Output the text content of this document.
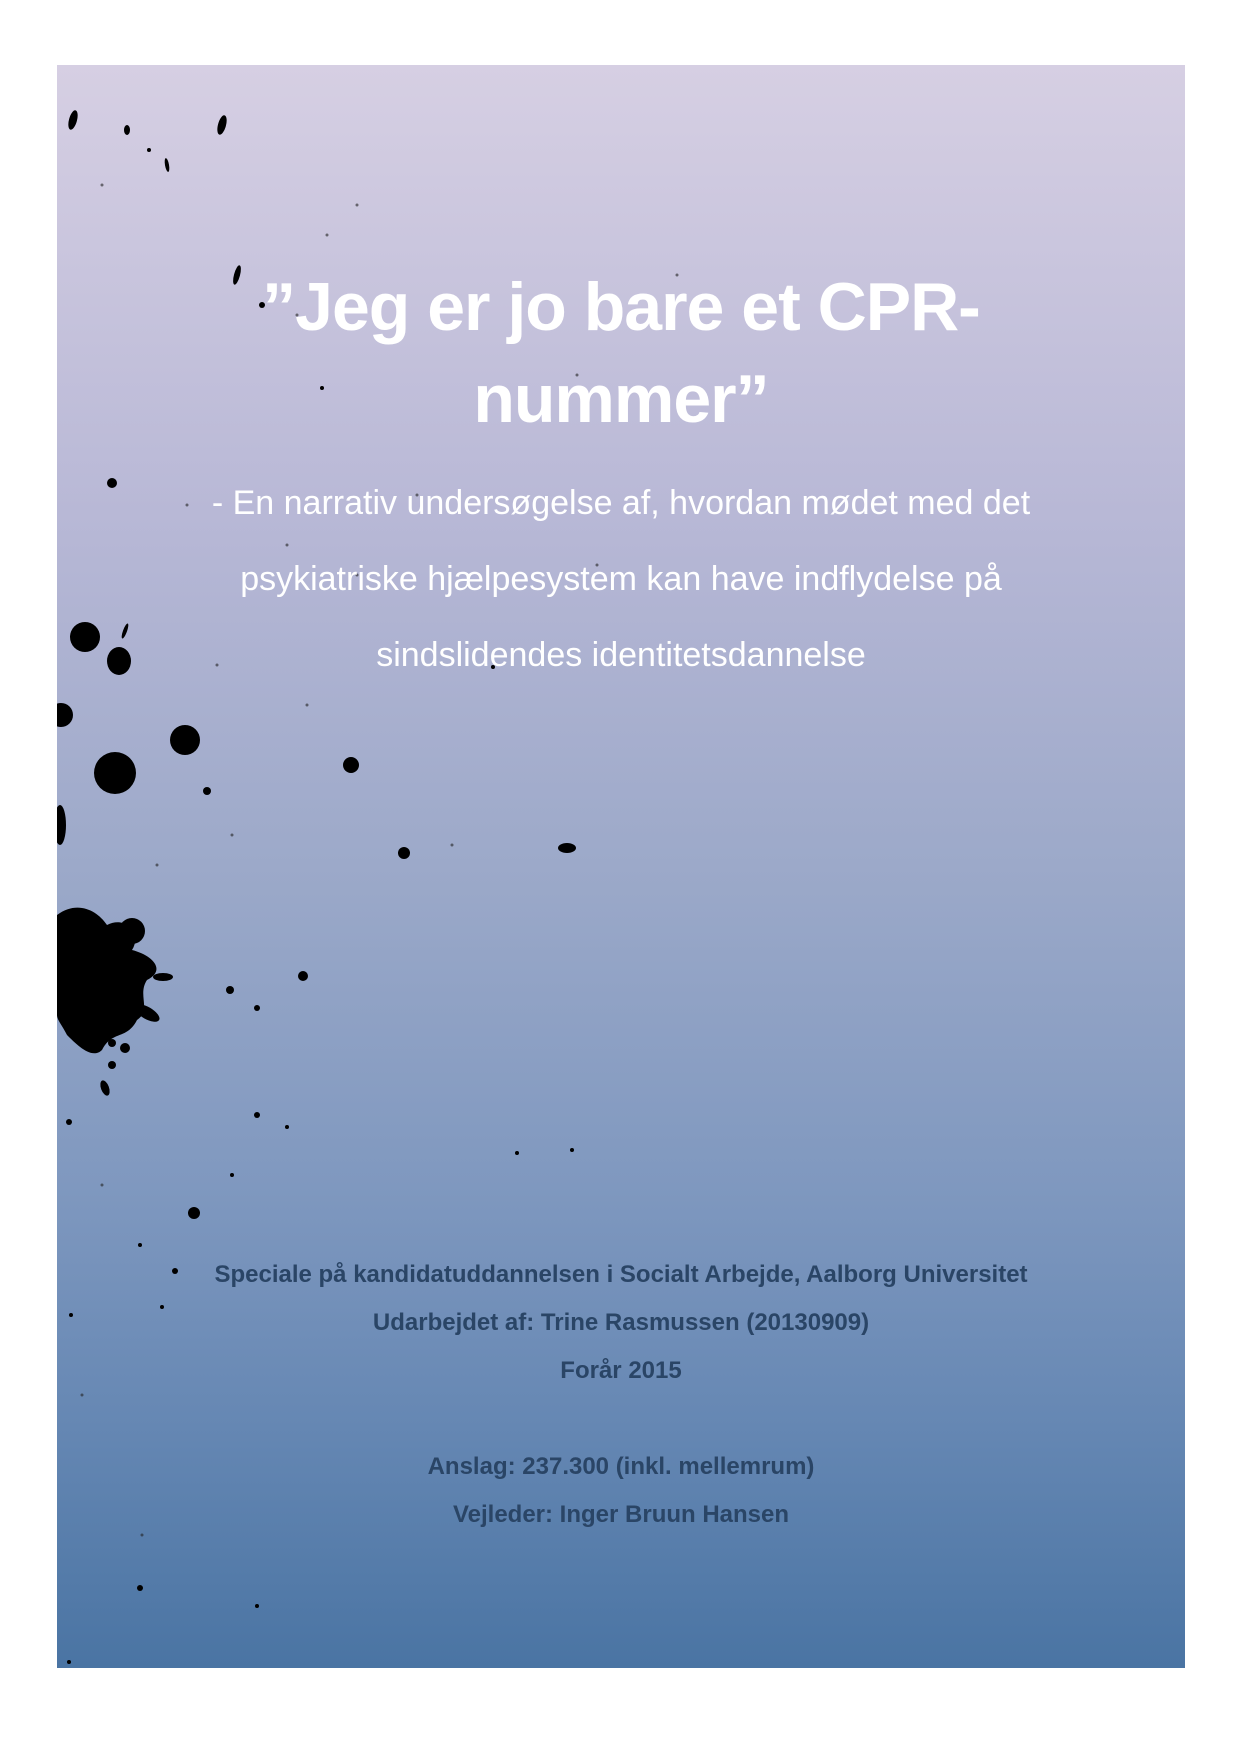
”Jeg er jo bare et CPR-
nummer”
- En narrativ undersøgelse af, hvordan mødet med det
psykiatriske hjælpesystem kan have indflydelse på
sindslidendes identitetsdannelse
Speciale på kandidatuddannelsen i Socialt Arbejde, Aalborg Universitet
Udarbejdet af: Trine Rasmussen (20130909)
Forår 2015
Anslag: 237.300 (inkl. mellemrum)
Vejleder: Inger Bruun Hansen
